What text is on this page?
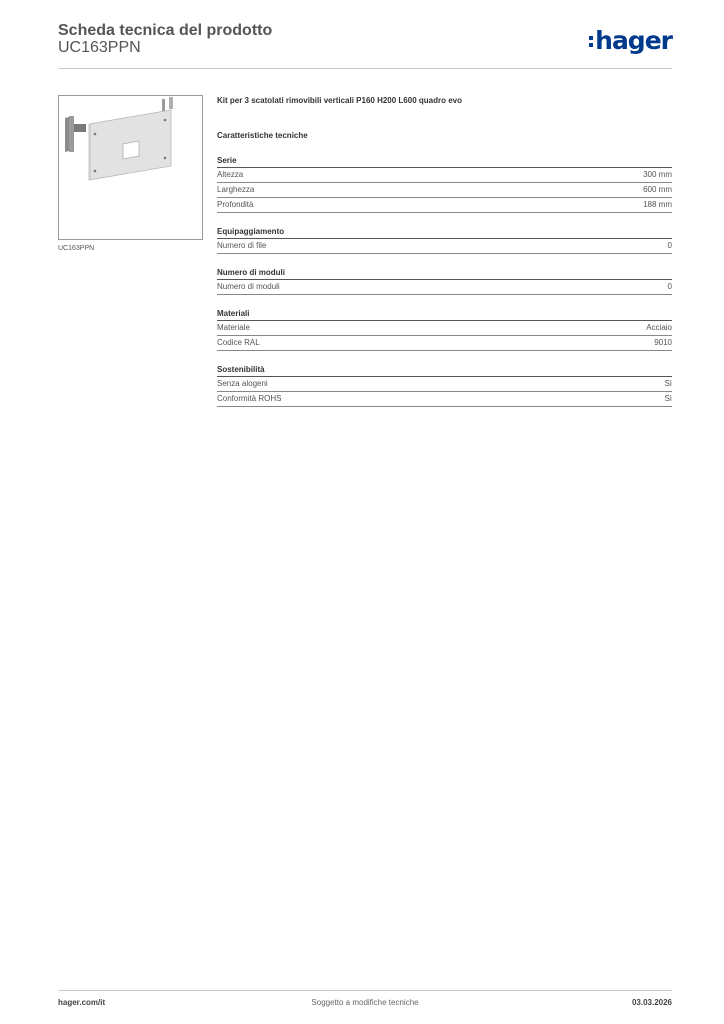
Scheda tecnica del prodotto
UC163PPN	hager
UC163PPN
Kit per 3 scatolati rimovibili verticali P160 H200 L600 quadro evo
Caratteristiche tecniche
Serie
Altezza	300 mm
Larghezza	600 mm
Profondità	188 mm
Equipaggiamento
Numero di file	0
Numero di moduli
Numero di moduli	0
Materiali
Materiale	Acciaio
Codice RAL	9010
Sostenibilità
Senza alogeni	Sì
Conformità ROHS	Sì
Soggetto a modifiche tecniche
hager.com/it	03.03.2026
